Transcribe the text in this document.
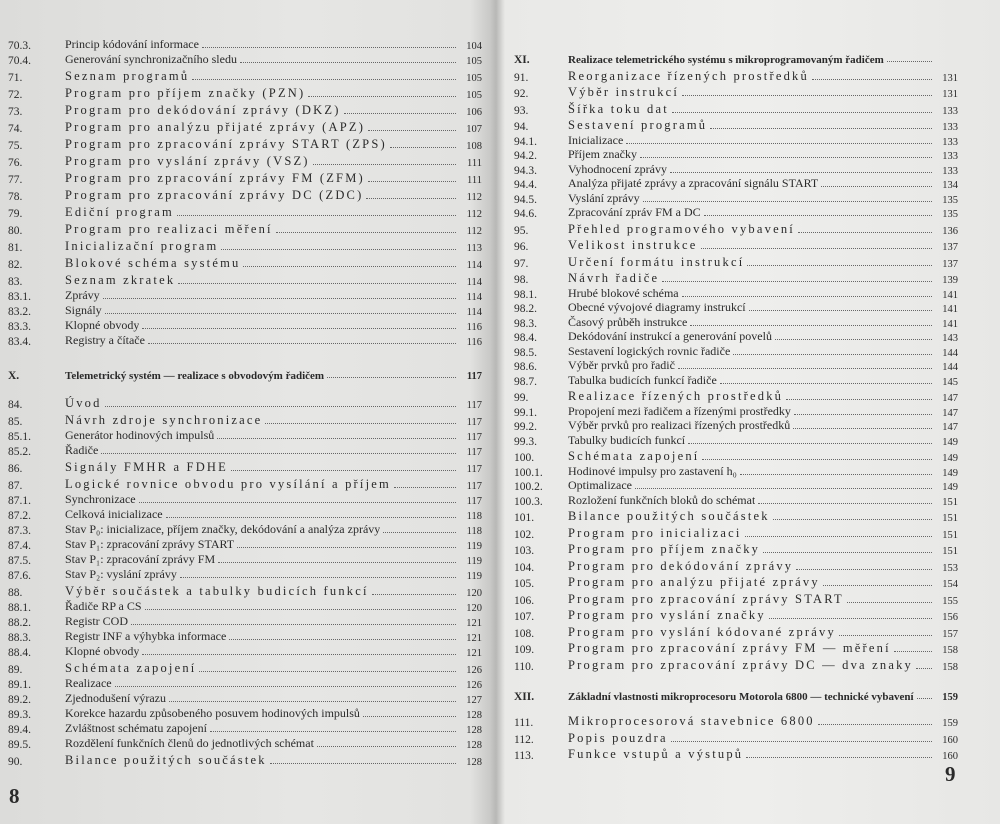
70.3.	Princip kódování informace	104
70.4.	Generování synchronizačního sledu	105
71.	Seznam programů	105
72.	Program pro příjem značky (PZN)	105
73.	Program pro dekódování zprávy (DKZ)	106
74.	Program pro analýzu přijaté zprávy (APZ)	107
75.	Program pro zpracování zprávy START (ZPS)	108
76.	Program pro vyslání zprávy (VSZ)	111
77.	Program pro zpracování zprávy FM (ZFM)	111
78.	Program pro zpracování zprávy DC (ZDC)	112
79.	Ediční program	112
80.	Program pro realizaci měření	112
81.	Inicializační program	113
82.	Blokové schéma systému	114
83.	Seznam zkratek	114
83.1.	Zprávy	114
83.2.	Signály	114
83.3.	Klopné obvody	116
83.4.	Registry a čítače	116
X.	Telemetrický systém — realizace s obvodovým řadičem	117
84.	Úvod	117
85.	Návrh zdroje synchronizace	117
85.1.	Generátor hodinových impulsů	117
85.2.	Řadiče	117
86.	Signály FMHR a FDHE	117
87.	Logické rovnice obvodu pro vysílání a příjem	117
87.1.	Synchronizace	117
87.2.	Celková inicializace	118
87.3.	Stav P₀: inicializace, příjem značky, dekódování a analýza zprávy	118
87.4.	Stav P₁: zpracování zprávy START	119
87.5.	Stav P₁: zpracování zprávy FM	119
87.6.	Stav P₂: vyslání zprávy	119
88.	Výběr součástek a tabulky budicích funkcí	120
88.1.	Řadiče RP a CS	120
88.2.	Registr COD	121
88.3.	Registr INF a výhybka informace	121
88.4.	Klopné obvody	121
89.	Schémata zapojení	126
89.1.	Realizace	126
89.2.	Zjednodušení výrazu	127
89.3.	Korekce hazardu způsobeného posuvem hodinových impulsů	128
89.4.	Zvláštnost schématu zapojení	128
89.5.	Rozdělení funkčních členů do jednotlivých schémat	128
90.	Bilance použitých součástek	128
8
XI.	Realizace telemetrického systému s mikroprogramovaným řadičem
91.	Reorganizace řízených prostředků	131
92.	Výběr instrukcí	131
93.	Šířka toku dat	133
94.	Sestavení programů	133
94.1.	Inicializace	133
94.2.	Příjem značky	133
94.3.	Vyhodnocení zprávy	133
94.4.	Analýza přijaté zprávy a zpracování signálu START	134
94.5.	Vyslání zprávy	135
94.6.	Zpracování zpráv FM a DC	135
95.	Přehled programového vybavení	136
96.	Velikost instrukce	137
97.	Určení formátu instrukcí	137
98.	Návrh řadiče	139
98.1.	Hrubé blokové schéma	141
98.2.	Obecné vývojové diagramy instrukcí	141
98.3.	Časový průběh instrukce	141
98.4.	Dekódování instrukcí a generování povelů	143
98.5.	Sestavení logických rovnic řadiče	144
98.6.	Výběr prvků pro řadič	144
98.7.	Tabulka budicích funkcí řadiče	145
99.	Realizace řízených prostředků	147
99.1.	Propojení mezi řadičem a řízenými prostředky	147
99.2.	Výběr prvků pro realizaci řízených prostředků	147
99.3.	Tabulky budicích funkcí	149
100.	Schémata zapojení	149
100.1.	Hodinové impulsy pro zastavení h₀	149
100.2.	Optimalizace	149
100.3.	Rozložení funkčních bloků do schémat	151
101.	Bilance použitých součástek	151
102.	Program pro inicializaci	151
103.	Program pro příjem značky	151
104.	Program pro dekódování zprávy	153
105.	Program pro analýzu přijaté zprávy	154
106.	Program pro zpracování zprávy START	155
107.	Program pro vyslání značky	156
108.	Program pro vyslání kódované zprávy	157
109.	Program pro zpracování zprávy FM — měření	158
110.	Program pro zpracování zprávy DC — dva znaky	158
XII.	Základní vlastnosti mikroprocesoru Motorola 6800 — technické vybavení	159
111.	Mikroprocesorová stavebnice 6800	159
112.	Popis pouzdra	160
113.	Funkce vstupů a výstupů	160
9
